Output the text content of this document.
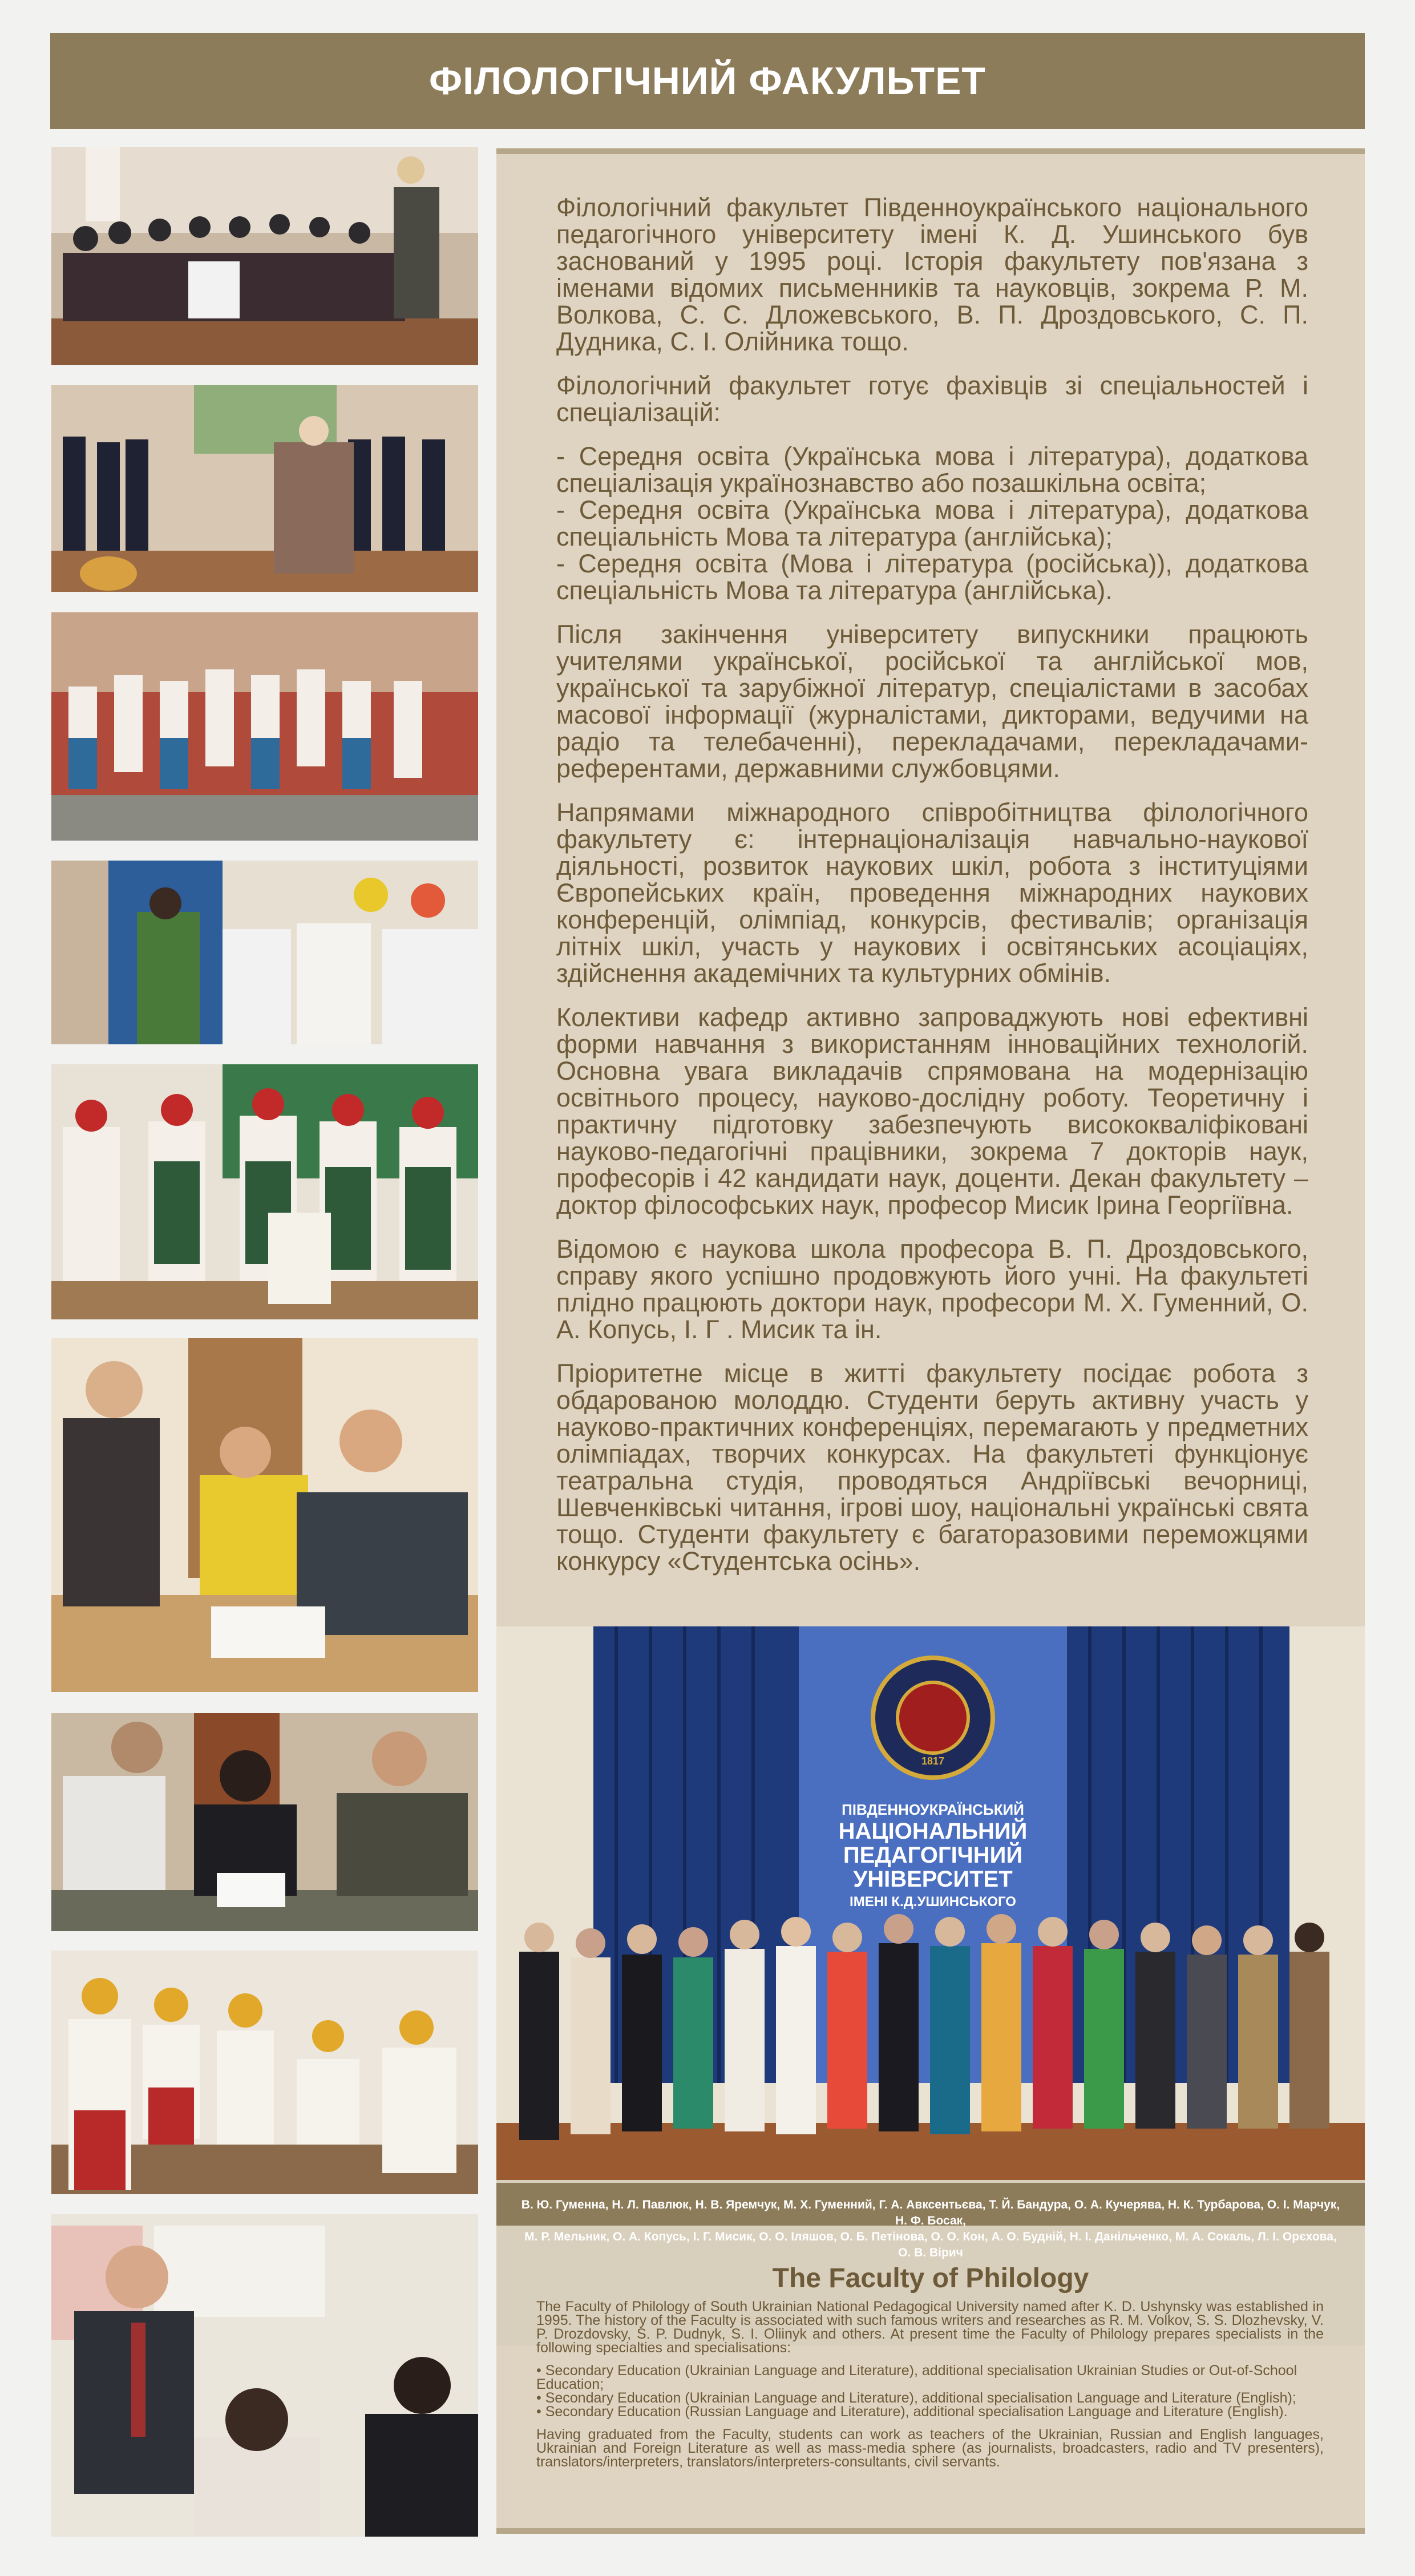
ФІЛОЛОГІЧНИЙ ФАКУЛЬТЕТ

Філологічний факультет Південноукраїнського національного педагогічного університету імені К. Д. Ушинського був заснований у 1995 році. Історія факультету пов'язана з іменами відомих письменників та науковців, зокрема Р. М. Волкова, С. С. Дложевського, В. П. Дроздовського, С. П. Дудника, С. І. Олійника тощо.

Філологічний факультет готує фахівців зі спеціальностей і спеціалізацій:

- Середня освіта (Українська мова і література), додаткова спеціалізація українознавство або позашкільна освіта;
- Середня освіта (Українська мова і література), додаткова спеціальність Мова та література (англійська);
- Середня освіта (Мова і література (російська)), додаткова спеціальність Мова та література (англійська).

Після закінчення університету випускники працюють учителями української, російської та англійської мов, української та зарубіжної літератур, спеціалістами в засобах масової інформації (журналістами, дикторами, ведучими на радіо та телебаченні), перекладачами, перекладачами-референтами, державними службовцями.

Напрямами міжнародного співробітництва філологічного факультету є: інтернаціоналізація навчально-наукової діяльності, розвиток наукових шкіл, робота з інституціями Європейських країн, проведення міжнародних наукових конференцій, олімпіад, конкурсів, фестивалів; організація літніх шкіл, участь у наукових і освітянських асоціаціях, здійснення академічних та культурних обмінів.

Колективи кафедр активно запроваджують нові ефективні форми навчання з використанням інноваційних технологій. Основна увага викладачів спрямована на модернізацію освітнього процесу, науково-дослідну роботу. Теоретичну і практичну підготовку забезпечують висококваліфіковані науково-педагогічні працівники, зокрема 7 докторів наук, професорів і 42 кандидати наук, доценти. Декан факультету – доктор філософських наук, професор Мисик Ірина Георгіївна.

Відомою є наукова школа професора В. П. Дроздовського, справу якого успішно продовжують його учні. На факультеті плідно працюють доктори наук, професори М. Х. Гуменний, О. А. Копусь, І. Г . Мисик та ін.

Пріоритетне місце в житті факультету посідає робота з обдарованою молоддю. Студенти беруть активну участь у науково-практичних конференціях, перемагають у предметних олімпіадах, творчих конкурсах. На факультеті функціонує театральна студія, проводяться Андріївські вечорниці, Шевченківські читання, ігрові шоу, національні українські свята тощо. Студенти факультету є багаторазовими переможцями конкурсу «Студентська осінь».

1817
ПІВДЕННОУКРАЇНСЬКИЙ
НАЦІОНАЛЬНИЙ
ПЕДАГОГІЧНИЙ
УНІВЕРСИТЕТ
ІМЕНІ К.Д.УШИНСЬКОГО
В. Ю. Гуменна, Н. Л. Павлюк, Н. В. Яремчук, М. Х. Гуменний, Г. А. Авксентьєва, Т. Й. Бандура, О. А. Кучерява, Н. К. Турбарова, О. І. Марчук, Н. Ф. Босак,
М. Р. Мельник, О. А. Копусь, І. Г. Мисик, О. О. Іляшов, О. Б. Петінова, О. О. Кон, А. О. Будній, Н. І. Данільченко, М. А. Сокаль, Л. І. Орєхова, О. В. Вірич
The Faculty of Philology

The Faculty of Philology of South Ukrainian National Pedagogical University named after K. D. Ushynsky was established in 1995. The history of the Faculty is associated with such famous writers and researches as R. M. Volkov, S. S. Dlozhevsky, V. P. Drozdovsky, S. P. Dudnyk, S. I. Oliinyk and others. At present time the Faculty of Philology prepares specialists in the following specialties and specialisations:

• Secondary Education (Ukrainian Language and Literature), additional specialisation Ukrainian Studies or Out-of-School Education;
• Secondary Education (Ukrainian Language and Literature), additional specialisation Language and Literature (English);
• Secondary Education (Russian Language and Literature), additional specialisation Language and Literature (English).

Having graduated from the Faculty, students can work as teachers of the Ukrainian, Russian and English languages, Ukrainian and Foreign Literature as well as mass-media sphere (as journalists, broadcasters, radio and TV presenters), translators/interpreters, translators/interpreters-consultants, civil servants.
